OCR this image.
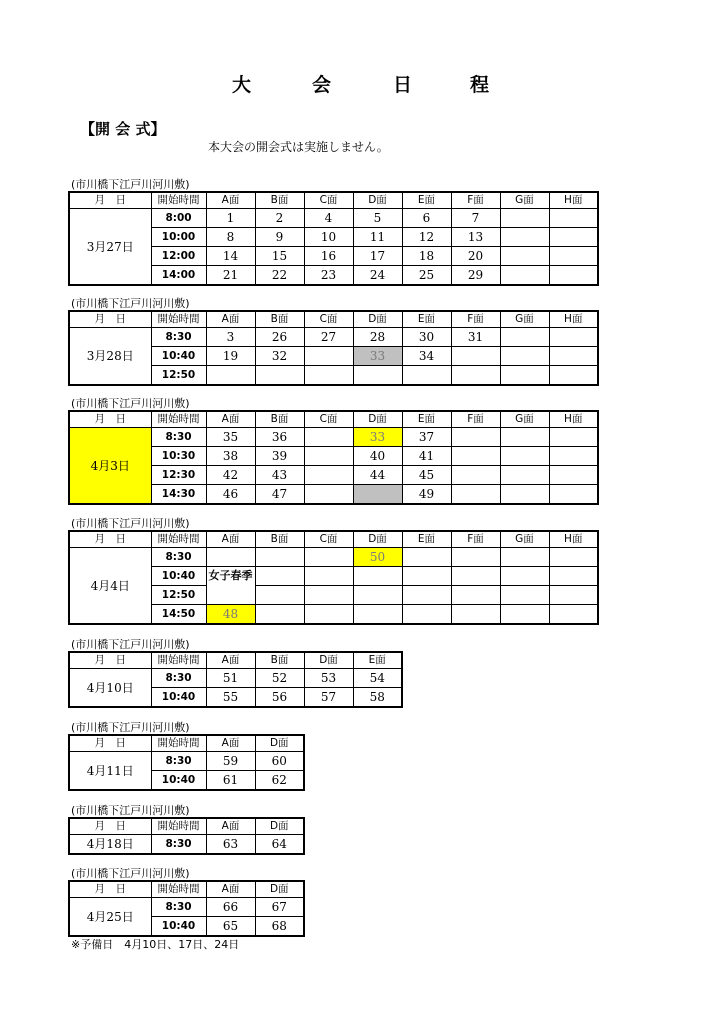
大	会	日	程
【開 会 式】
本大会の開会式は実施しません。
(市川橋下江戸川河川敷)
月　日	開始時間	A面	B面	C面	D面	E面	F面	G面	H面
3月27日	8:00	1	2	4	5	6	7		
	10:00	8	9	10	11	12	13		
	12:00	14	15	16	17	18	20		
	14:00	21	22	23	24	25	29		
(市川橋下江戸川河川敷)
月　日	開始時間	A面	B面	C面	D面	E面	F面	G面	H面
3月28日	8:30	3	26	27	28	30	31		
	10:40	19	32		33	34			
	12:50								
(市川橋下江戸川河川敷)
月　日	開始時間	A面	B面	C面	D面	E面	F面	G面	H面
4月3日	8:30	35	36		33	37			
	10:30	38	39		40	41			
	12:30	42	43		44	45			
	14:30	46	47			49			
(市川橋下江戸川河川敷)
月　日	開始時間	A面	B面	C面	D面	E面	F面	G面	H面
4月4日	8:30				50				
	10:40	女子春季							
	12:50								
	14:50	48							
(市川橋下江戸川河川敷)
月　日	開始時間	A面	B面	D面	E面
4月10日	8:30	51	52	53	54
	10:40	55	56	57	58
(市川橋下江戸川河川敷)
月　日	開始時間	A面	D面
4月11日	8:30	59	60
	10:40	61	62
(市川橋下江戸川河川敷)
月　日	開始時間	A面	D面
4月18日	8:30	63	64
(市川橋下江戸川河川敷)
月　日	開始時間	A面	D面
4月25日	8:30	66	67
	10:40	65	68
※予備日　4月10日、17日、24日
